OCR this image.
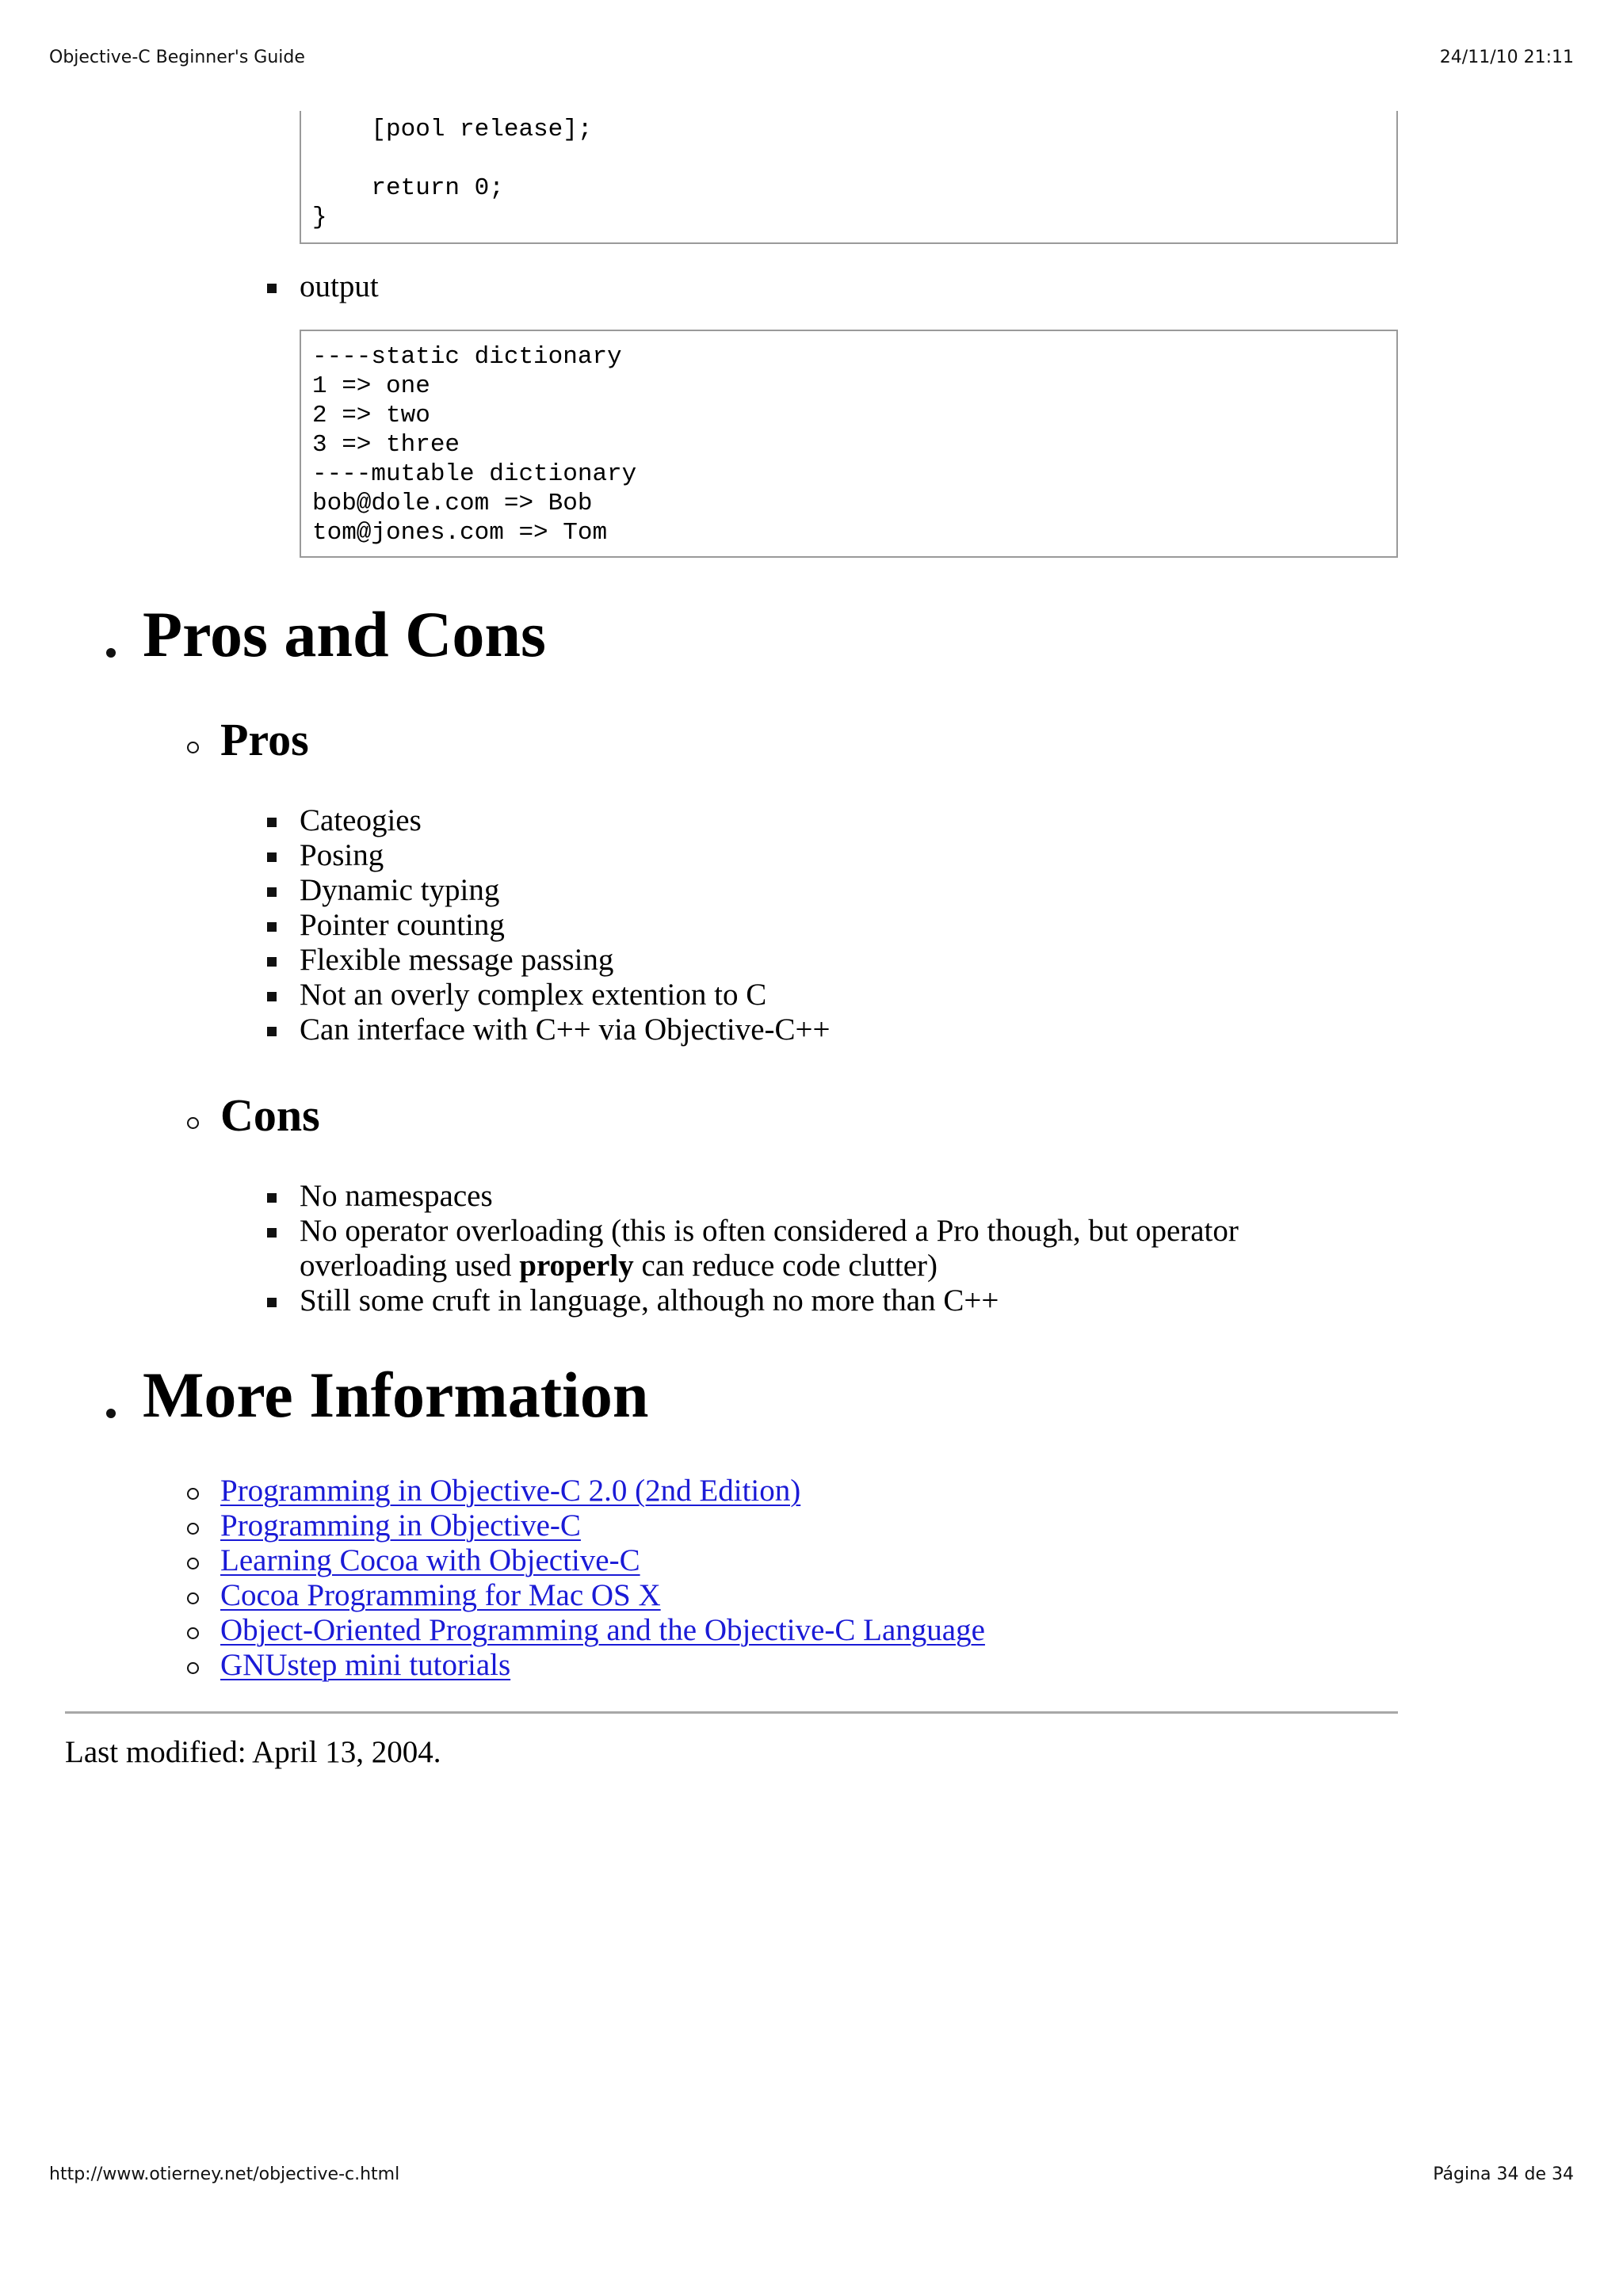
Objective-C Beginner's Guide	24/11/10 21:11
[pool release];

return 0;
}
output
----static dictionary
1 => one
2 => two
3 => three
----mutable dictionary
bob@dole.com => Bob
tom@jones.com => Tom
Pros and Cons
Pros
Cateogies
Posing
Dynamic typing
Pointer counting
Flexible message passing
Not an overly complex extention to C
Can interface with C++ via Objective-C++
Cons
No namespaces
No operator overloading (this is often considered a Pro though, but operator
overloading used properly can reduce code clutter)
Still some cruft in language, although no more than C++
More Information
Programming in Objective-C 2.0 (2nd Edition)
Programming in Objective-C
Learning Cocoa with Objective-C
Cocoa Programming for Mac OS X
Object-Oriented Programming and the Objective-C Language
GNUstep mini tutorials
Last modified: April 13, 2004.
http://www.otierney.net/objective-c.html	Página 34 de 34
